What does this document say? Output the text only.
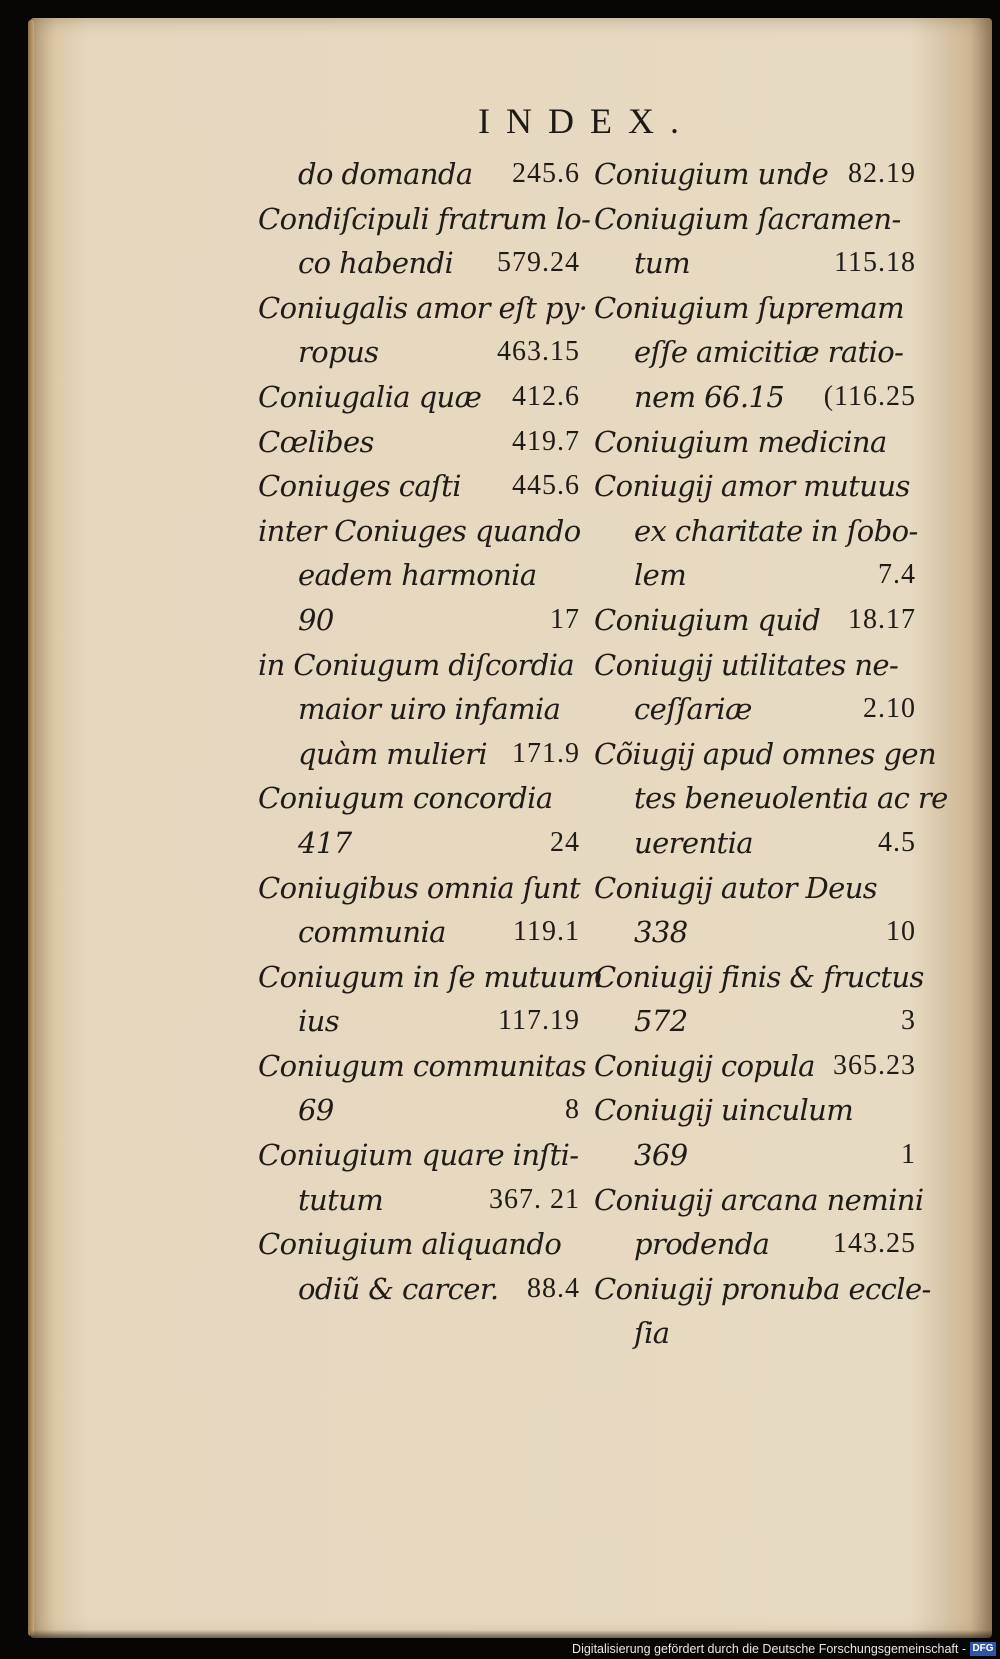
INDEX.
do domanda 245.6
Condiſcipuli fratrum lo-
co habendi 579.24
Coniugalis amor eſt py·
ropus	463.15
Coniugalia quæ 412.6
Cœlibes	419.7
Coniuges caſti 445.6
inter Coniuges quando
eadem harmonia
90	17
in Coniugum diſcordia
maior uiro infamia
quàm mulieri 171.9
Coniugum concordia
417	24
Coniugibus omnia ſunt
communia 119.1
Coniugum in ſe mutuum
ius	117.19
Coniugum communitas
69	8
Coniugium quare inſti-
tutum	367. 21
Coniugium aliquando
odiũ & carcer. 88.4
Coniugium unde 82.19
Coniugium ſacramen-
tum	115.18
Coniugium ſupremam
eſſe amicitiæ ratio-
nem 66.15 (116.25
Coniugium medicina
Coniugij amor mutuus
ex charitate in ſobo-
lem	7.4
Coniugium quid 18.17
Coniugij utilitates ne-
ceſſariæ	2.10
Cõiugij apud omnes gen
tes beneuolentia ac re
uerentia	4.5
Coniugij autor Deus
338	10
Coniugij finis & fructus
572	3
Coniugij copula 365.23
Coniugij uinculum
369	1
Coniugij arcana nemini
prodenda 143.25
Coniugij pronuba eccle-
ſia
Digitalisierung gefördert durch die Deutsche Forschungsgemeinschaft - DFG
